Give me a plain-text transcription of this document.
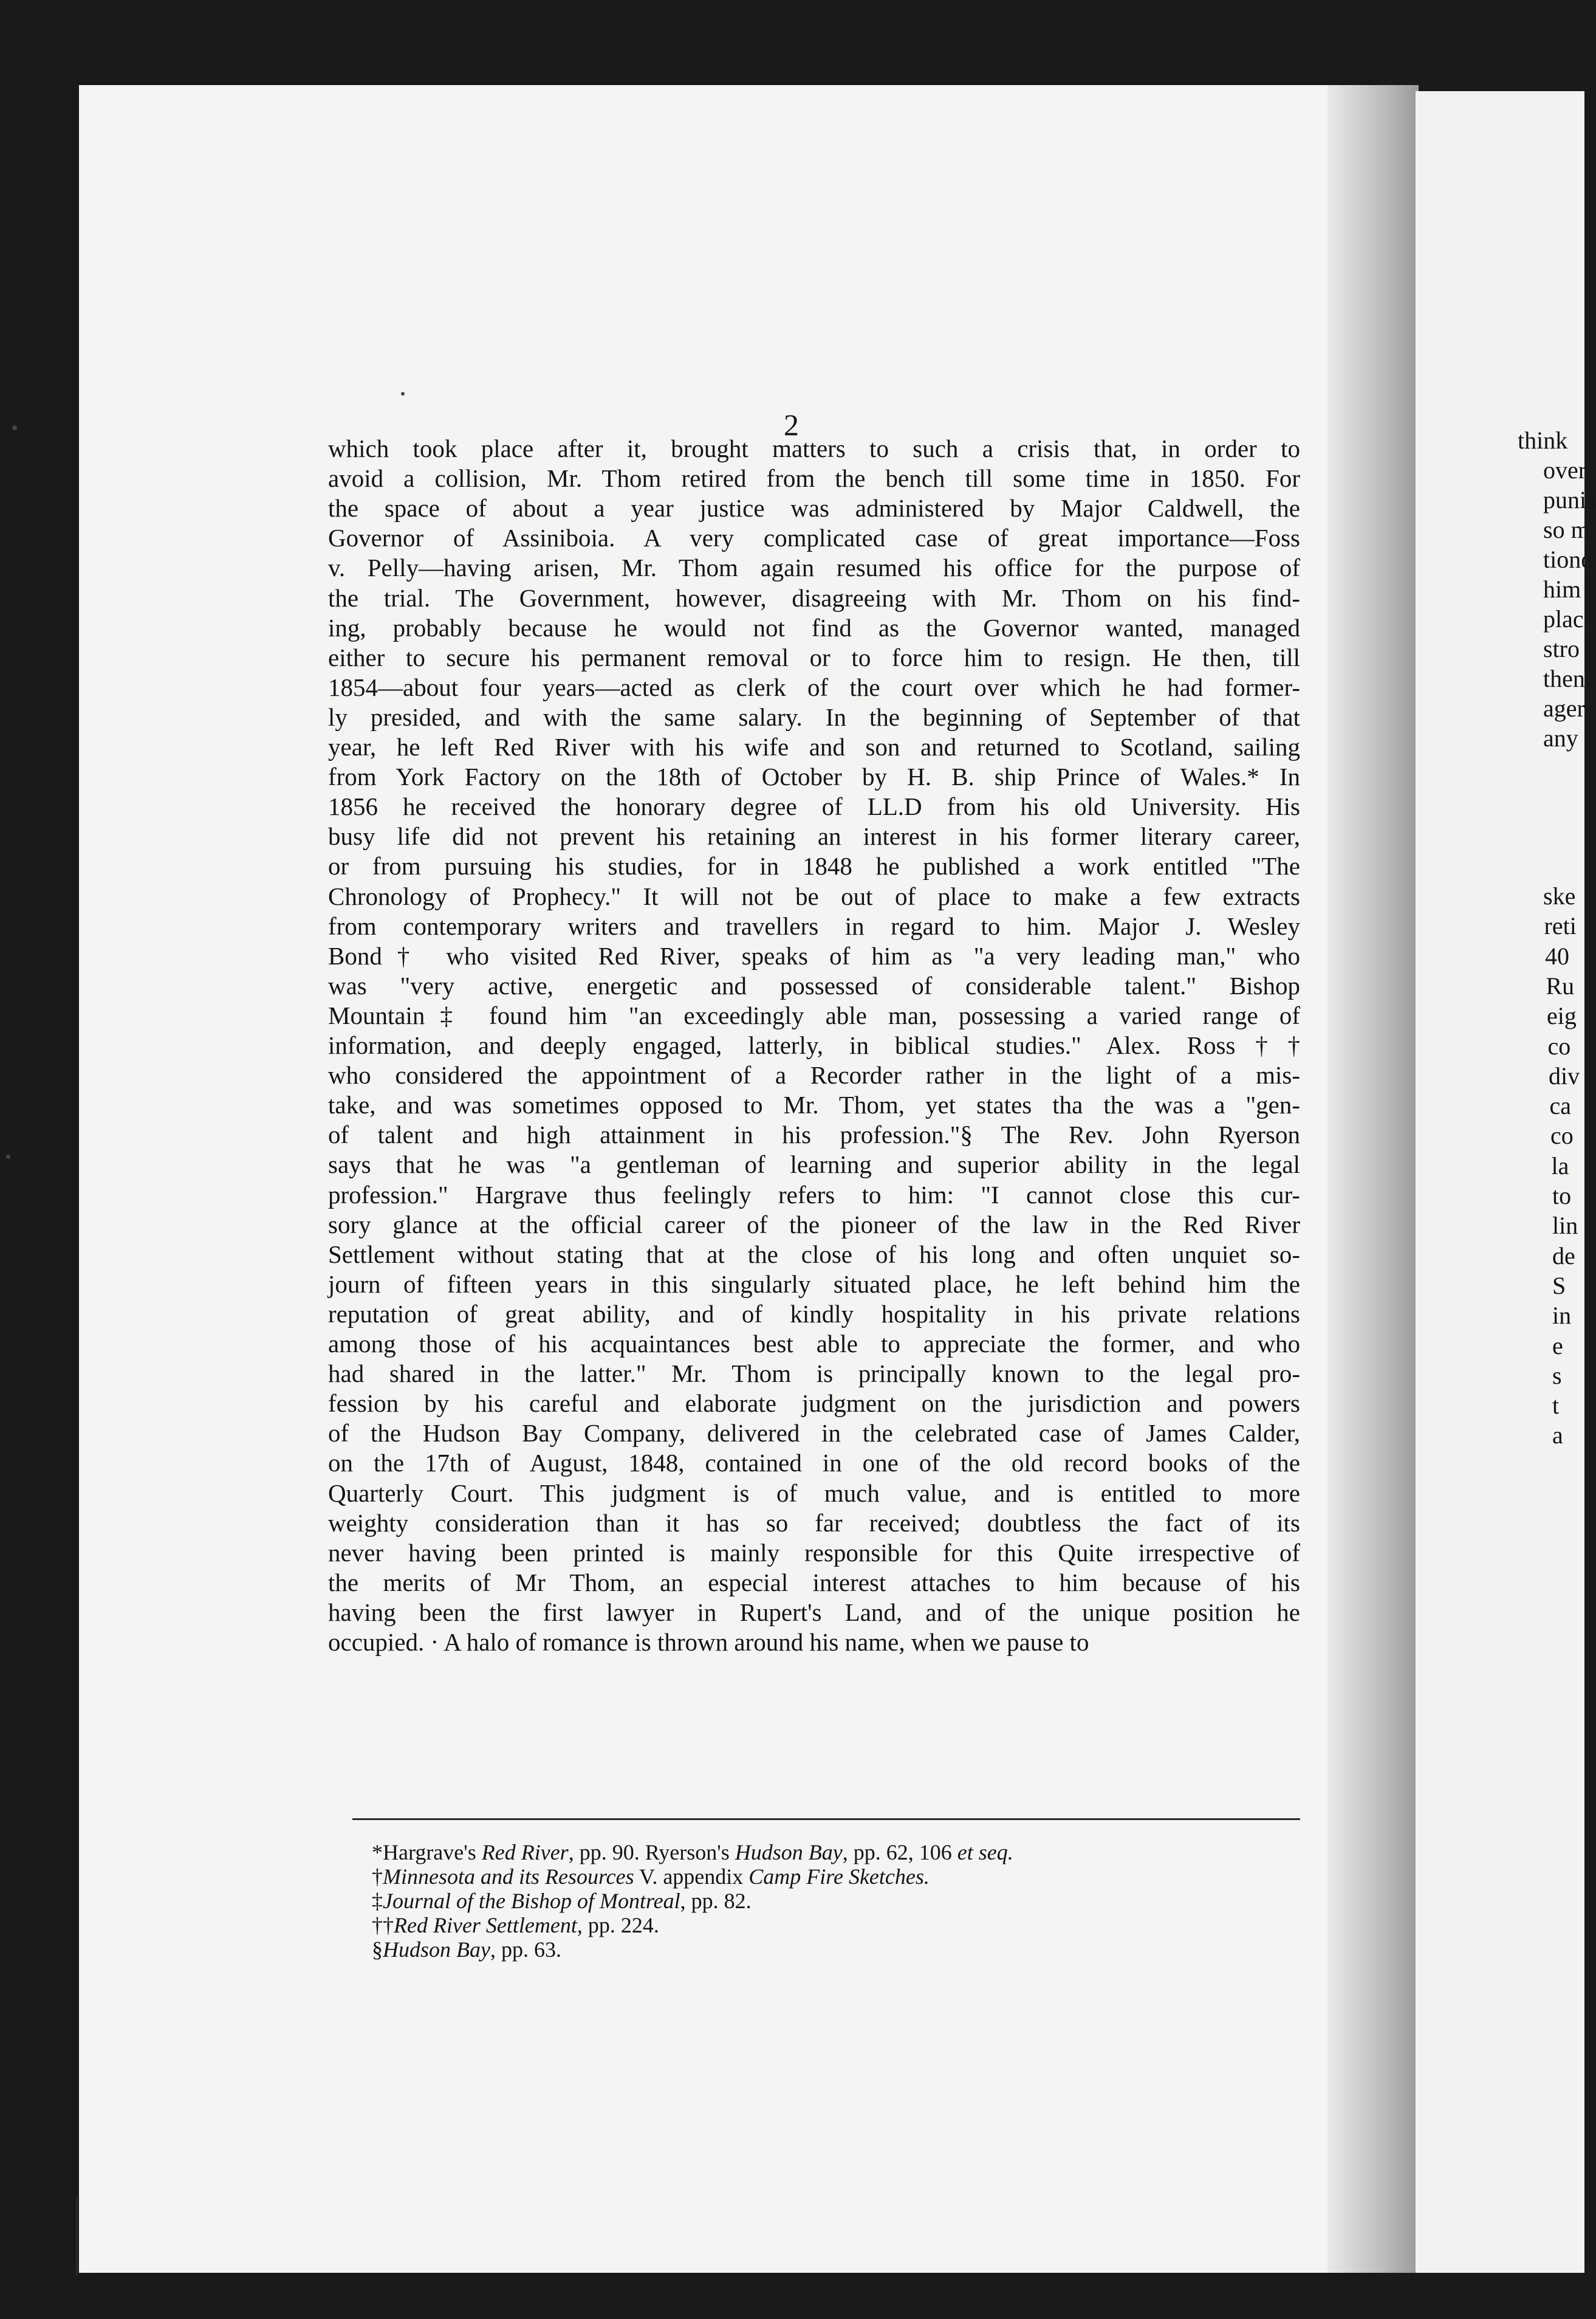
think
over
punis
so m
tione
him
plac
stro
then
ager
any
ske
reti
40
Ru
eig
co
div
ca
co
la
to
lin
de
S
in
e
s
t
a
2
which took place after it, brought matters to such a crisis that, in order to
avoid a collision, Mr. Thom retired from the bench till some time in 1850. For
the space of about a year justice was administered by Major Caldwell, the
Governor of Assiniboia. A very complicated case of great importance—Foss
v. Pelly—having arisen, Mr. Thom again resumed his office for the purpose of
the trial. The Government, however, disagreeing with Mr. Thom on his find-
ing, probably because he would not find as the Governor wanted, managed
either to secure his permanent removal or to force him to resign. He then, till
1854—about four years—acted as clerk of the court over which he had former-
ly presided, and with the same salary. In the beginning of September of that
year, he left Red River with his wife and son and returned to Scotland, sailing
from York Factory on the 18th of October by H. B. ship Prince of Wales.* In
1856 he received the honorary degree of LL.D from his old University. His
busy life did not prevent his retaining an interest in his former literary career,
or from pursuing his studies, for in 1848 he published a work entitled "The
Chronology of Prophecy." It will not be out of place to make a few extracts
from contemporary writers and travellers in regard to him. Major J. Wesley
Bond† who visited Red River, speaks of him as "a very leading man," who
was "very active, energetic and possessed of considerable talent." Bishop
Mountain‡ found him "an exceedingly able man, possessing a varied range of
information, and deeply engaged, latterly, in biblical studies." Alex. Ross††
who considered the appointment of a Recorder rather in the light of a mis-
take, and was sometimes opposed to Mr. Thom, yet states tha the was a "gen-
of talent and high attainment in his profession."§ The Rev. John Ryerson
says that he was "a gentleman of learning and superior ability in the legal
profession." Hargrave thus feelingly refers to him: "I cannot close this cur-
sory glance at the official career of the pioneer of the law in the Red River
Settlement without stating that at the close of his long and often unquiet so-
journ of fifteen years in this singularly situated place, he left behind him the
reputation of great ability, and of kindly hospitality in his private relations
among those of his acquaintances best able to appreciate the former, and who
had shared in the latter." Mr. Thom is principally known to the legal pro-
fession by his careful and elaborate judgment on the jurisdiction and powers
of the Hudson Bay Company, delivered in the celebrated case of James Calder,
on the 17th of August, 1848, contained in one of the old record books of the
Quarterly Court. This judgment is of much value, and is entitled to more
weighty consideration than it has so far received; doubtless the fact of its
never having been printed is mainly responsible for this Quite irrespective of
the merits of Mr Thom, an especial interest attaches to him because of his
having been the first lawyer in Rupert's Land, and of the unique position he
occupied. · A halo of romance is thrown around his name, when we pause to
*Hargrave's Red River, pp. 90. Ryerson's Hudson Bay, pp. 62, 106 et seq.
†Minnesota and its Resources V. appendix Camp Fire Sketches.
‡Journal of the Bishop of Montreal, pp. 82.
††Red River Settlement, pp. 224.
§Hudson Bay, pp. 63.
